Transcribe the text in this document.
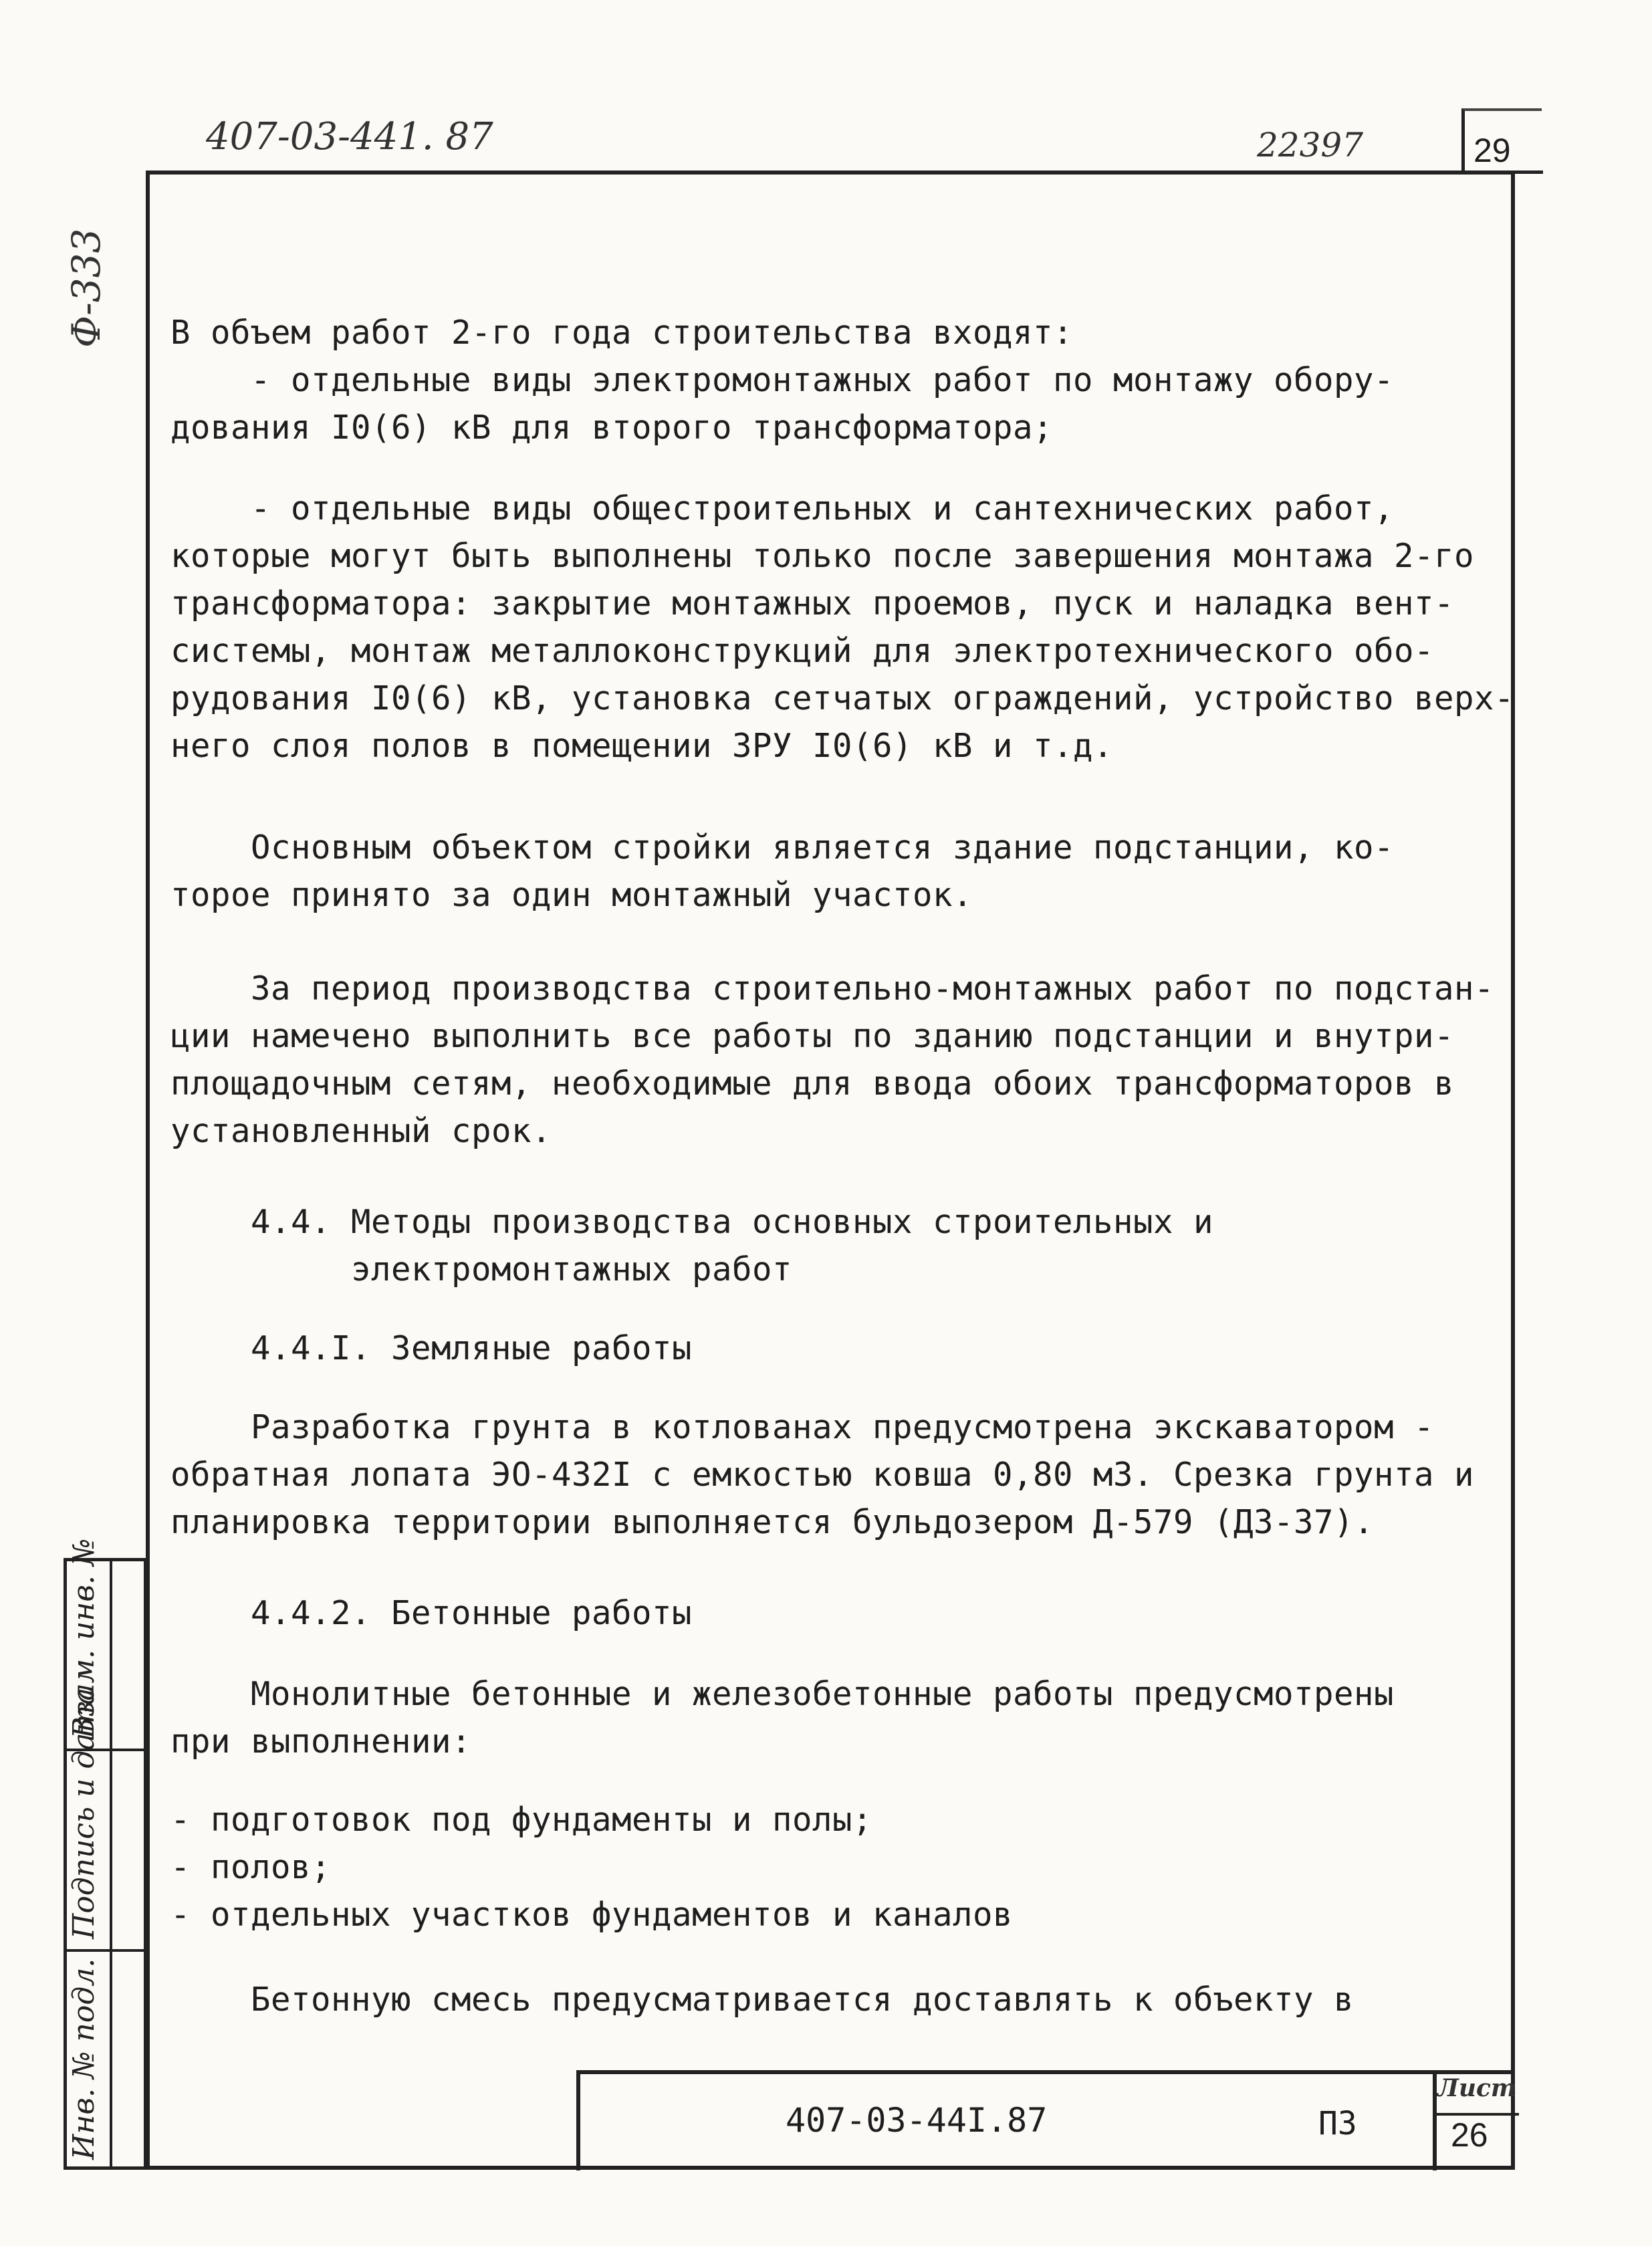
407-03-441. 87	22397	29
Ф-333 В объем работ 2-го года строительства входят:
- отдельные виды электромонтажных работ по монтажу обору-
дования I0(6) кВ для второго трансформатора;
- отдельные виды общестроительных и сантехнических работ,
которые могут быть выполнены только после завершения монтажа 2-го
трансформатора: закрытие монтажных проемов, пуск и наладка вент-
системы, монтаж металлоконструкций для электротехнического обо-
рудования I0(6) кВ, установка сетчатых ограждений, устройство верх-
него слоя полов в помещении ЗРУ I0(6) кВ и т.д.
Основным объектом стройки является здание подстанции, ко-
торое принято за один монтажный участок.
За период производства строительно-монтажных работ по подстан-
ции намечено выполнить все работы по зданию подстанции и внутри-
площадочным сетям, необходимые для ввода обоих трансформаторов в
установленный срок.
4.4. Методы производства основных строительных и
электромонтажных работ
4.4.I. Земляные работы
Разработка грунта в котлованах предусмотрена экскаватором -
обратная лопата ЭО-432I с емкостью ковша 0,80 м3. Срезка грунта и
планировка территории выполняется бульдозером Д-579 (ДЗ-37).
4.4.2. Бетонные работы
Монолитные бетонные и железобетонные работы предусмотрены
при выполнении:
- подготовок под фундаменты и полы;
- полов;
- отдельных участков фундаментов и каналов
Бетонную смесь предусматривается доставлять к объекту в
407-03-44I.87	ПЗ
Лист
26
Инв. № подл.
Подпись и дата
Взам. инв. №
